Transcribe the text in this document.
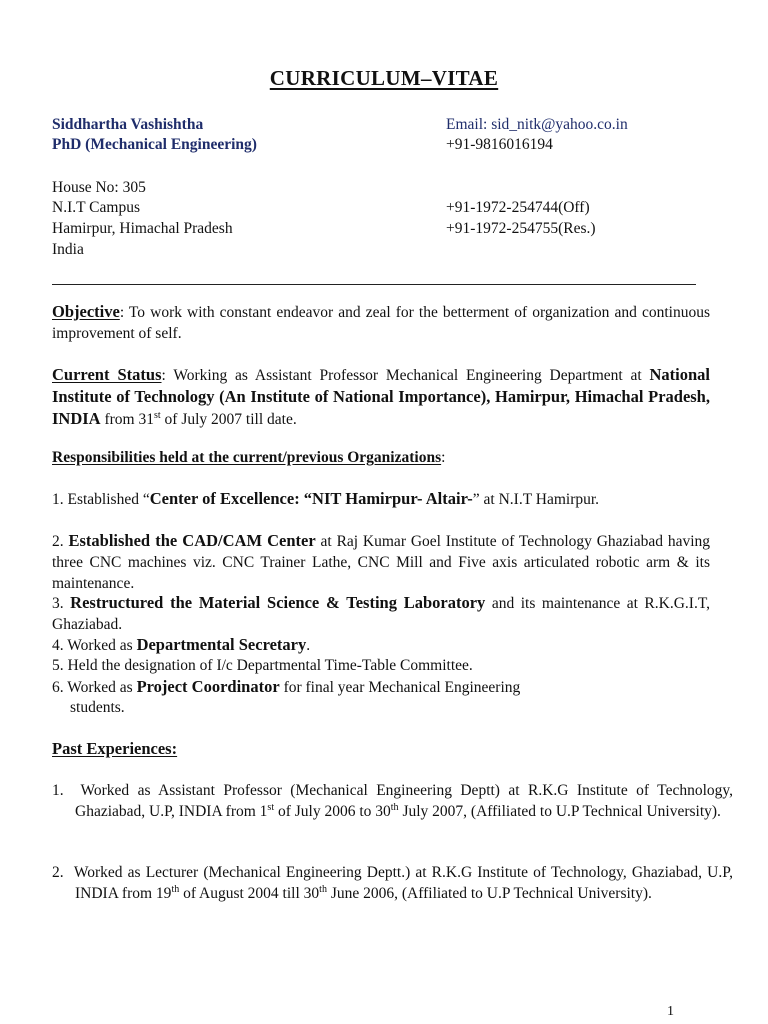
CURRICULUM–VITAE
Siddhartha Vashishtha
PhD (Mechanical Engineering)
Email: sid_nitk@yahoo.co.in
+91-9816016194
House No: 305
N.I.T Campus
Hamirpur, Himachal Pradesh
India
+91-1972-254744(Off)
+91-1972-254755(Res.)

Objective: To work with constant endeavor and zeal for the betterment of organization and continuous improvement of self.

Current Status: Working as Assistant Professor Mechanical Engineering Department at National Institute of Technology (An Institute of National Importance), Hamirpur, Himachal Pradesh, INDIA from 31st of July 2007 till date.

Responsibilities held at the current/previous Organizations:

1. Established “Center of Excellence: “NIT Hamirpur- Altair-” at N.I.T Hamirpur.

2. Established the CAD/CAM Center at Raj Kumar Goel Institute of Technology Ghaziabad having three CNC machines viz. CNC Trainer Lathe, CNC Mill and Five axis articulated robotic arm & its maintenance.

3. Restructured the Material Science & Testing Laboratory and its maintenance at R.K.G.I.T, Ghaziabad.

4. Worked as Departmental Secretary.

5. Held the designation of I/c Departmental Time-Table Committee.

6. Worked as Project Coordinator for final year Mechanical Engineering

students.

Past Experiences:

1. Worked as Assistant Professor (Mechanical Engineering Deptt) at R.K.G Institute of Technology, Ghaziabad, U.P, INDIA from 1st of July 2006 to 30th July 2007, (Affiliated to U.P Technical University).

2. Worked as Lecturer (Mechanical Engineering Deptt.) at R.K.G Institute of Technology, Ghaziabad, U.P, INDIA from 19th of August 2004 till 30th June 2006, (Affiliated to U.P Technical University).

1
